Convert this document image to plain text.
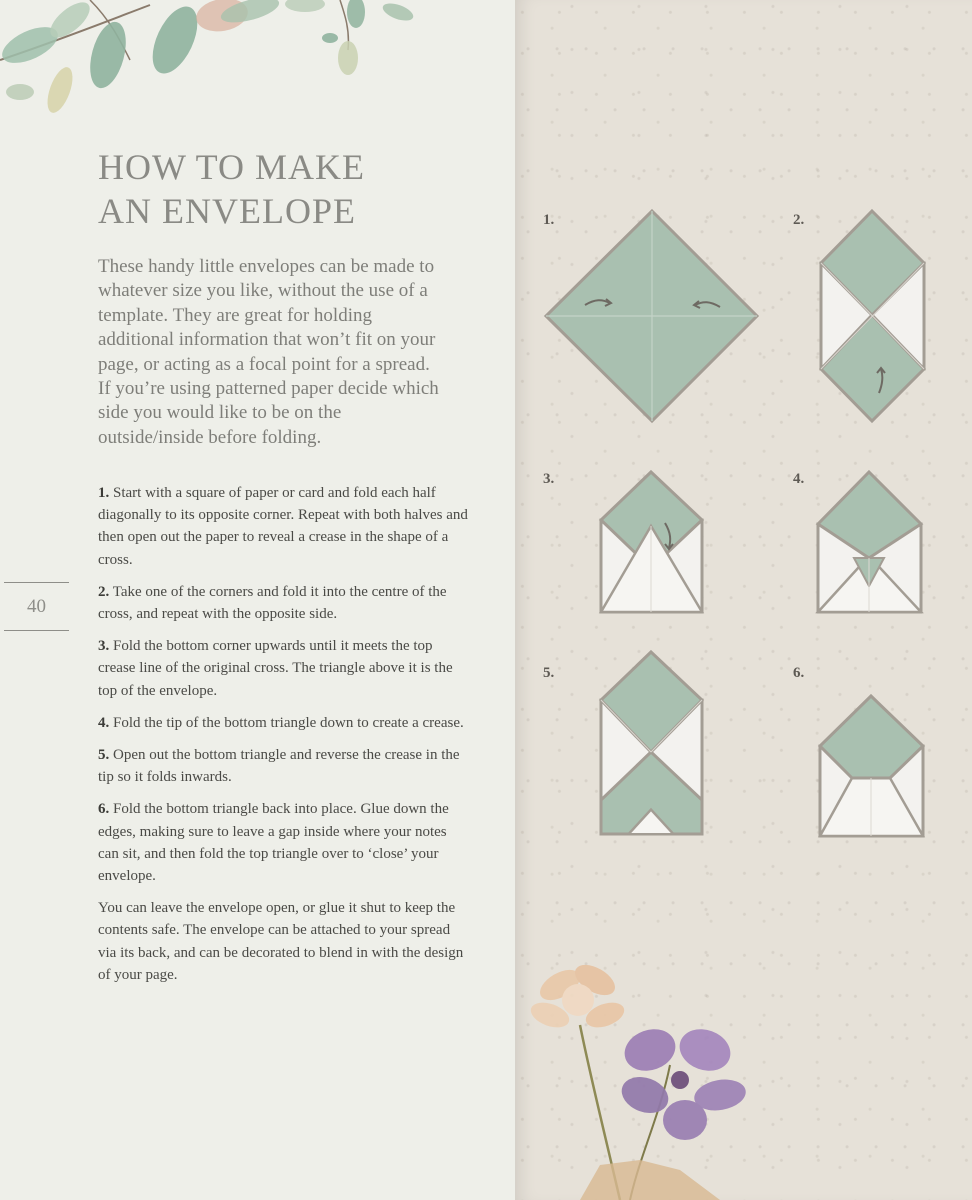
HOW TO MAKE
AN ENVELOPE

These handy little envelopes can be made to whatever size you like, without the use of a template. They are great for holding additional information that won’t fit on your page, or acting as a focal point for a spread. If you’re using patterned paper decide which side you would like to be on the outside/inside before folding.

1. Start with a square of paper or card and fold each half diagonally to its opposite corner. Repeat with both halves and then open out the paper to reveal a crease in the shape of a cross.

2. Take one of the corners and fold it into the centre of the cross, and repeat with the opposite side.

3. Fold the bottom corner upwards until it meets the top crease line of the original cross. The triangle above it is the top of the envelope.

4. Fold the tip of the bottom triangle down to create a crease.

5. Open out the bottom triangle and reverse the crease in the tip so it folds inwards.

6. Fold the bottom triangle back into place. Glue down the edges, making sure to leave a gap inside where your notes can sit, and then fold the top triangle over to ‘close’ your envelope.

You can leave the envelope open, or glue it shut to keep the contents safe. The envelope can be attached to your spread via its back, and can be decorated to blend in with the design of your page.

40
1.	2.
3.	4.
5.	6.
